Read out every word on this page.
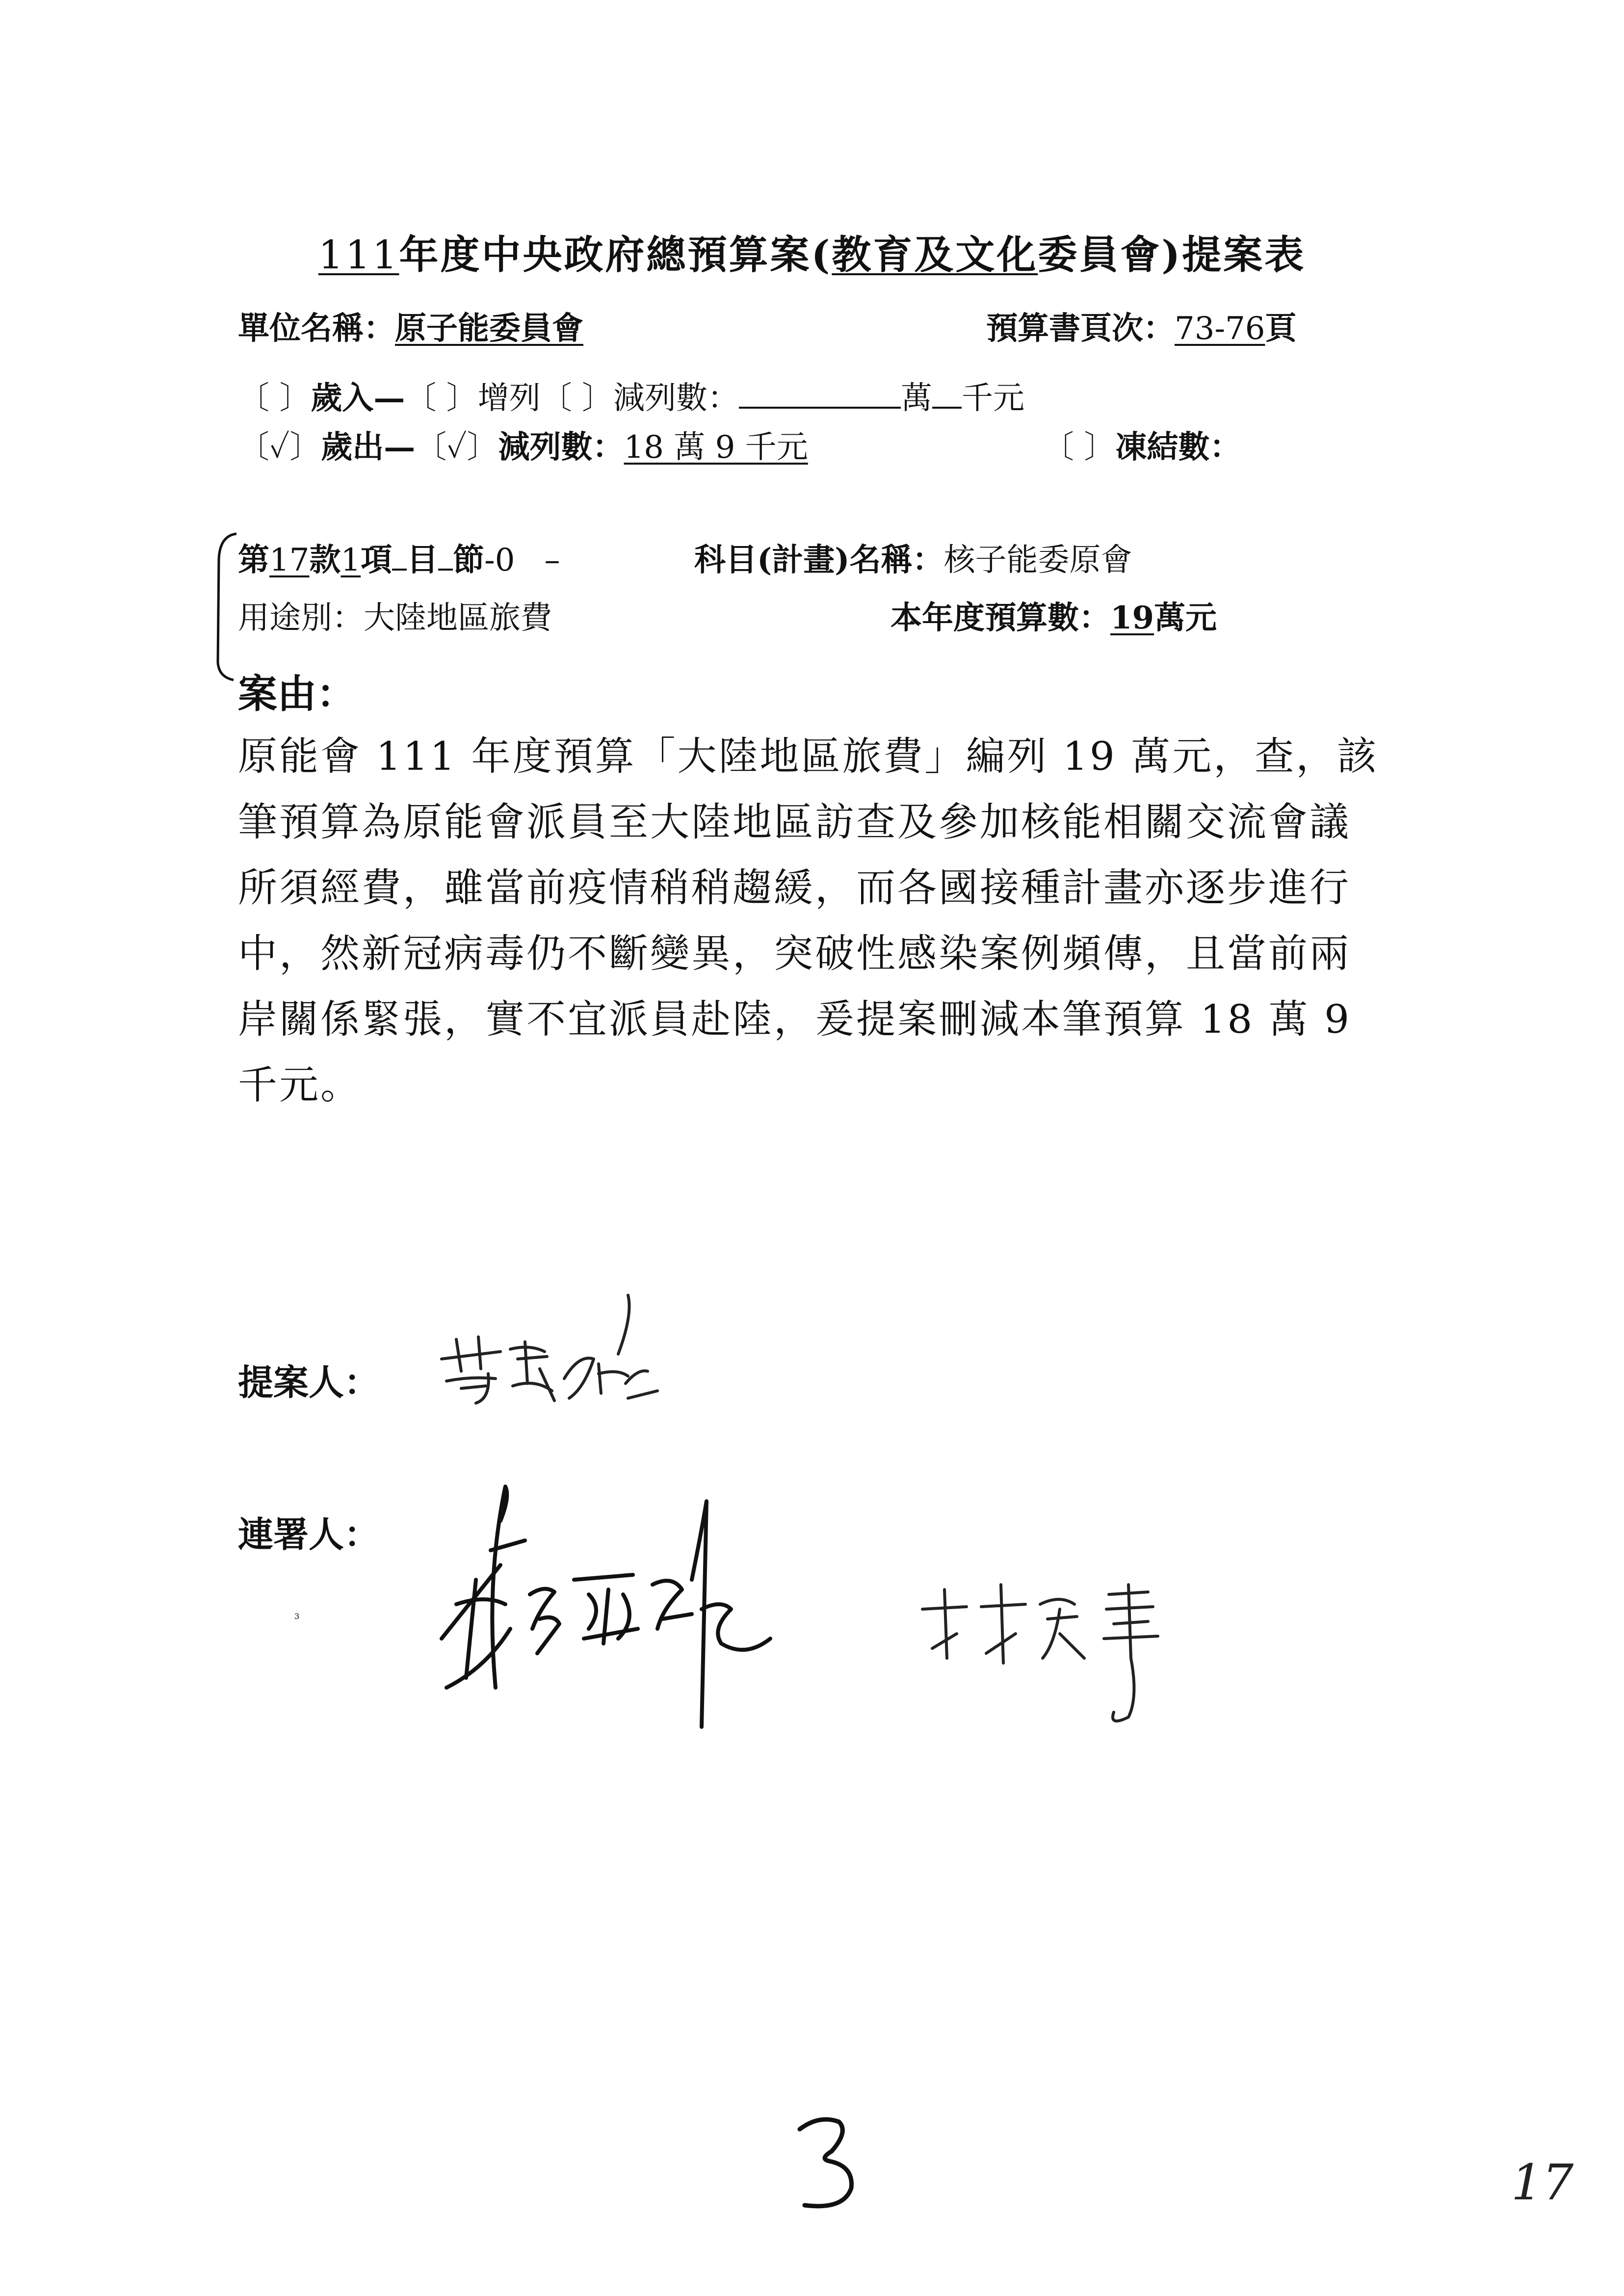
111年度中央政府總預算案(教育及文化委員會)提案表
單位名稱：原子能委員會	預算書頁次：73-76頁
〔 〕歲入—〔 〕增列〔 〕減列數：	萬 千元
〔✓〕歲出—〔✓〕減列數：18 萬 9 千元	〔 〕凍結數：
第17款1項 目 節-0 –	科目(計畫)名稱：核子能委原會
用途別：大陸地區旅費	本年度預算數：19萬元
案由：

原能會 111 年度預算「大陸地區旅費」編列 19 萬元，查，該

筆預算為原能會派員至大陸地區訪查及參加核能相關交流會議

所須經費，雖當前疫情稍稍趨緩，而各國接種計畫亦逐步進行

中，然新冠病毒仍不斷變異，突破性感染案例頻傳，且當前兩

岸關係緊張，實不宜派員赴陸，爰提案刪減本筆預算 18 萬 9

千元。

提案人：
連署人：
3
17
